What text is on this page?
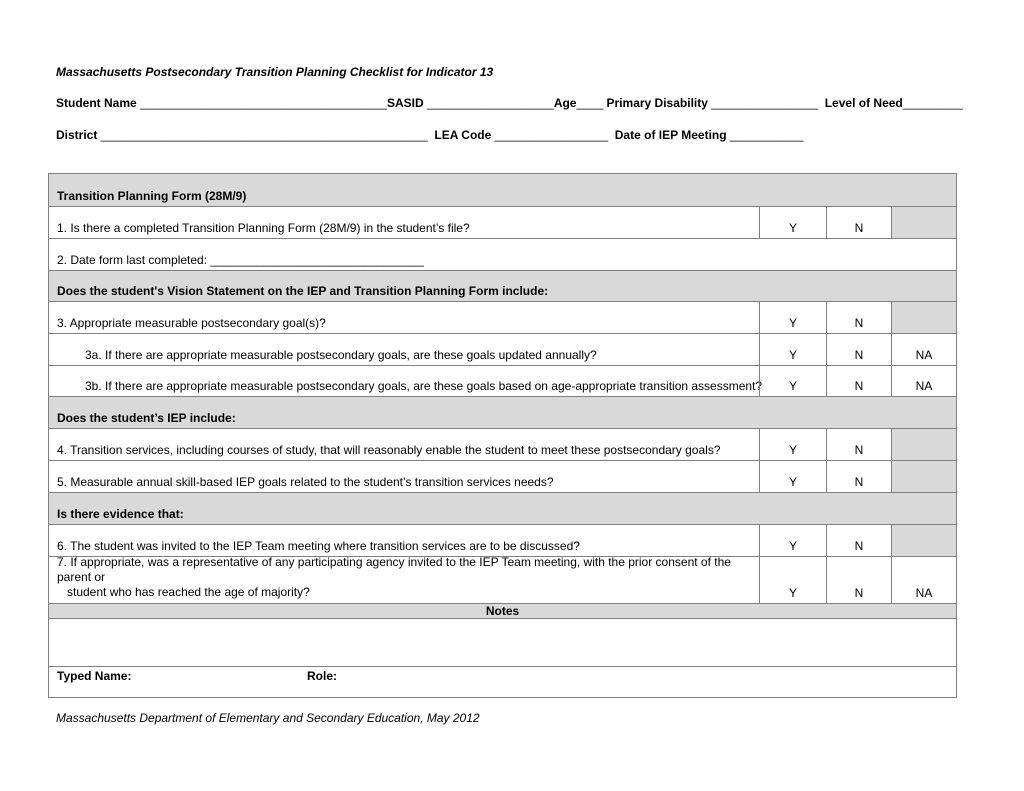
Massachusetts Postsecondary Transition Planning Checklist for Indicator 13
Student Name _____________________________________SASID ___________________Age____ Primary Disability ________________ Level of Need_________
District _________________________________________________ LEA Code _________________ Date of IEP Meeting ___________
Transition Planning Form (28M/9)
1. Is there a completed Transition Planning Form (28M/9) in the student’s file?	Y	N
2. Date form last completed: ________________________________
Does the student's Vision Statement on the IEP and Transition Planning Form include:
3. Appropriate measurable postsecondary goal(s)?	Y	N
3a. If there are appropriate measurable postsecondary goals, are these goals updated annually?	Y	N	NA
3b. If there are appropriate measurable postsecondary goals, are these goals based on age-appropriate transition assessment?	Y	N	NA
Does the student’s IEP include:
4. Transition services, including courses of study, that will reasonably enable the student to meet these postsecondary goals?	Y	N
5. Measurable annual skill-based IEP goals related to the student’s transition services needs?	Y	N
Is there evidence that:
6. The student was invited to the IEP Team meeting where transition services are to be discussed?	Y	N
7. If appropriate, was a representative of any participating agency invited to the IEP Team meeting, with the prior consent of the parent or
student who has reached the age of majority?	Y	N	NA
Notes
Typed Name:	Role:
Massachusetts Department of Elementary and Secondary Education, May 2012
